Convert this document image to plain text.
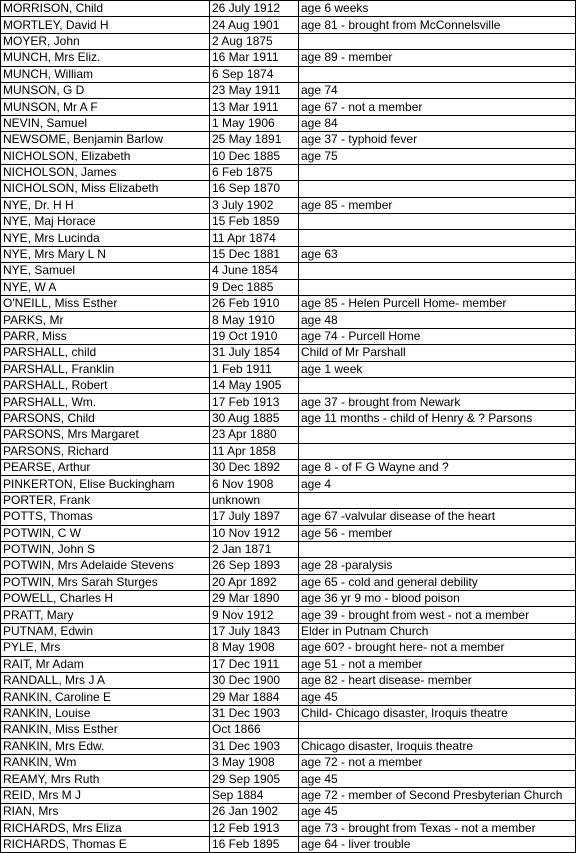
MORRISON, Child	26 July 1912	age 6 weeks
MORTLEY, David H	24 Aug 1901	age 81 - brought from McConnelsville
MOYER, John	2 Aug 1875	
MUNCH, Mrs Eliz.	16 Mar 1911	age 89 - member
MUNCH, William	6 Sep 1874	
MUNSON, G D	23 May 1911	age 74
MUNSON, Mr A F	13 Mar 1911	age 67 - not a member
NEVIN, Samuel	1 May 1906	age 84
NEWSOME, Benjamin Barlow	25 May 1891	age 37 - typhoid fever
NICHOLSON, Elizabeth	10 Dec 1885	age 75
NICHOLSON, James	6 Feb 1875	
NICHOLSON, Miss Elizabeth	16 Sep 1870	
NYE, Dr. H H	3 July 1902	age 85 - member
NYE, Maj Horace	15 Feb 1859	
NYE, Mrs Lucinda	11 Apr 1874	
NYE, Mrs Mary L N	15 Dec 1881	age 63
NYE, Samuel	4 June 1854	
NYE, W A	9 Dec 1885	
O'NEILL, Miss Esther	26 Feb 1910	age 85 - Helen Purcell Home- member
PARKS, Mr	8 May 1910	age 48
PARR, Miss	19 Oct 1910	age 74 - Purcell Home
PARSHALL, child	31 July 1854	Child of Mr Parshall
PARSHALL, Franklin	1 Feb 1911	age 1 week
PARSHALL, Robert	14 May 1905	
PARSHALL, Wm.	17 Feb 1913	age 37 - brought from Newark
PARSONS, Child	30 Aug 1885	age 11 months - child of Henry & ? Parsons
PARSONS, Mrs Margaret	23 Apr 1880	
PARSONS, Richard	11 Apr 1858	
PEARSE, Arthur	30 Dec 1892	age 8 - of F G Wayne and ?
PINKERTON, Elise Buckingham	6 Nov 1908	age 4
PORTER, Frank	unknown	
POTTS, Thomas	17 July 1897	age 67 -valvular disease of the heart
POTWIN, C W	10 Nov 1912	age 56 - member
POTWIN, John S	2 Jan 1871	
POTWIN, Mrs Adelaide Stevens	26 Sep 1893	age 28 -paralysis
POTWIN, Mrs Sarah Sturges	20 Apr 1892	age 65 - cold and general debility
POWELL, Charles H	29 Mar 1890	age 36 yr 9 mo - blood poison
PRATT, Mary	9 Nov 1912	age 39 - brought from west - not a member
PUTNAM, Edwin	17 July 1843	Elder in Putnam Church
PYLE, Mrs	8 May 1908	age 60? - brought here- not a member
RAIT, Mr Adam	17 Dec 1911	age 51 - not a member
RANDALL, Mrs J A	30 Dec 1900	age 82 - heart disease- member
RANKIN, Caroline E	29 Mar 1884	age 45
RANKIN, Louise	31 Dec 1903	Child- Chicago disaster, Iroquis theatre
RANKIN, Miss Esther	Oct 1866	
RANKIN, Mrs Edw.	31 Dec 1903	Chicago disaster, Iroquis theatre
RANKIN, Wm	3 May 1908	age 72 - not a member
REAMY, Mrs Ruth	29 Sep 1905	age 45
REID, Mrs M J	Sep 1884	age 72 - member of Second Presbyterian Church
RIAN, Mrs	26 Jan 1902	age 45
RICHARDS, Mrs Eliza	12 Feb 1913	age 73 - brought from Texas - not a member
RICHARDS, Thomas E	16 Feb 1895	age 64 - liver trouble
